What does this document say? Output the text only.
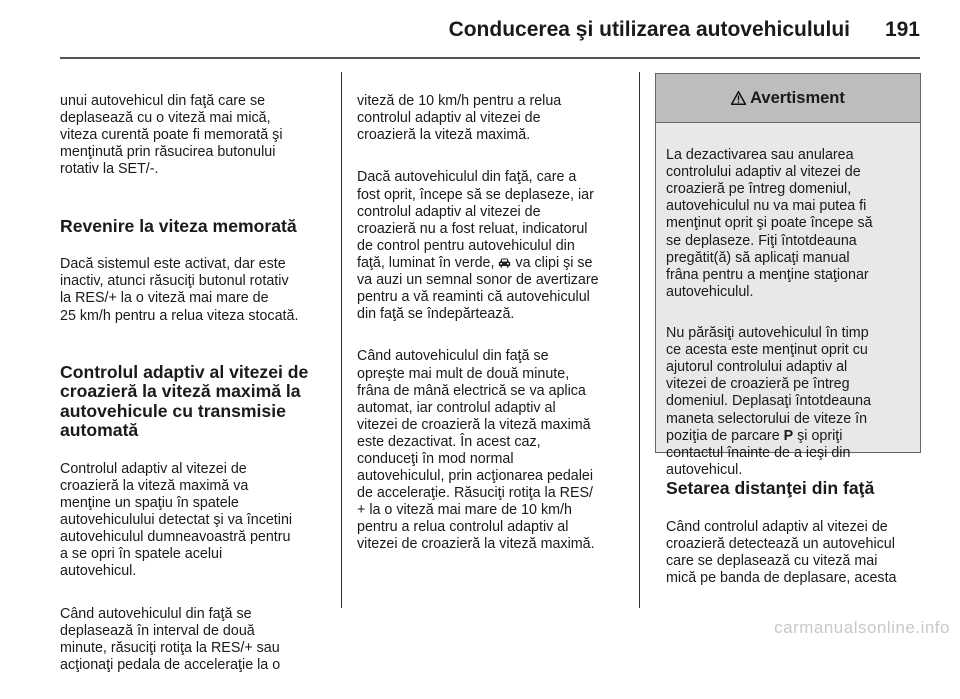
Conducerea şi utilizarea autovehiculului 191

unui autovehicul din faţă care se
deplasează cu o viteză mai mică,
viteza curentă poate fi memorată şi
menţinută prin răsucirea butonului
rotativ la SET/-.

Revenire la viteza memorată

Dacă sistemul este activat, dar este
inactiv, atunci răsuciţi butonul rotativ
la RES/+ la o viteză mai mare de
25 km/h pentru a relua viteza stocată.

Controlul adaptiv al vitezei de
croazieră la viteză maximă la
autovehicule cu transmisie
automată

Controlul adaptiv al vitezei de
croazieră la viteză maximă va
menţine un spaţiu în spatele
autovehiculului detectat şi va încetini
autovehiculul dumneavoastră pentru
a se opri în spatele acelui
autovehicul.

Când autovehiculul din faţă se
deplasează în interval de două
minute, răsuciţi rotiţa la RES/+ sau
acţionaţi pedala de acceleraţie la o

viteză de 10 km/h pentru a relua
controlul adaptiv al vitezei de
croazieră la viteză maximă.

Dacă autovehiculul din faţă, care a
fost oprit, începe să se deplaseze, iar
controlul adaptiv al vitezei de
croazieră nu a fost reluat, indicatorul
de control pentru autovehiculul din
faţă, luminat în verde,  va clipi şi se
va auzi un semnal sonor de avertizare
pentru a vă reaminti că autovehiculul
din faţă se îndepărtează.

Când autovehiculul din faţă se
opreşte mai mult de două minute,
frâna de mână electrică se va aplica
automat, iar controlul adaptiv al
vitezei de croazieră la viteză maximă
este dezactivat. În acest caz,
conduceţi în mod normal
autovehiculul, prin acţionarea pedalei
de acceleraţie. Răsuciţi rotiţa la RES/
+ la o viteză mai mare de 10 km/h
pentru a relua controlul adaptiv al
vitezei de croazieră la viteză maximă.

Avertisment

La dezactivarea sau anularea
controlului adaptiv al vitezei de
croazieră pe întreg domeniul,
autovehiculul nu va mai putea fi
menţinut oprit şi poate începe să
se deplaseze. Fiţi întotdeauna
pregătit(ă) să aplicaţi manual
frâna pentru a menţine staţionar
autovehiculul.

Nu părăsiţi autovehiculul în timp
ce acesta este menţinut oprit cu
ajutorul controlului adaptiv al
vitezei de croazieră pe întreg
domeniul. Deplasaţi întotdeauna
maneta selectorului de viteze în
poziţia de parcare P şi opriţi
contactul înainte de a ieşi din
autovehicul.

Setarea distanţei din faţă

Când controlul adaptiv al vitezei de
croazieră detectează un autovehicul
care se deplasează cu viteză mai
mică pe banda de deplasare, acesta

carmanualsonline.info
